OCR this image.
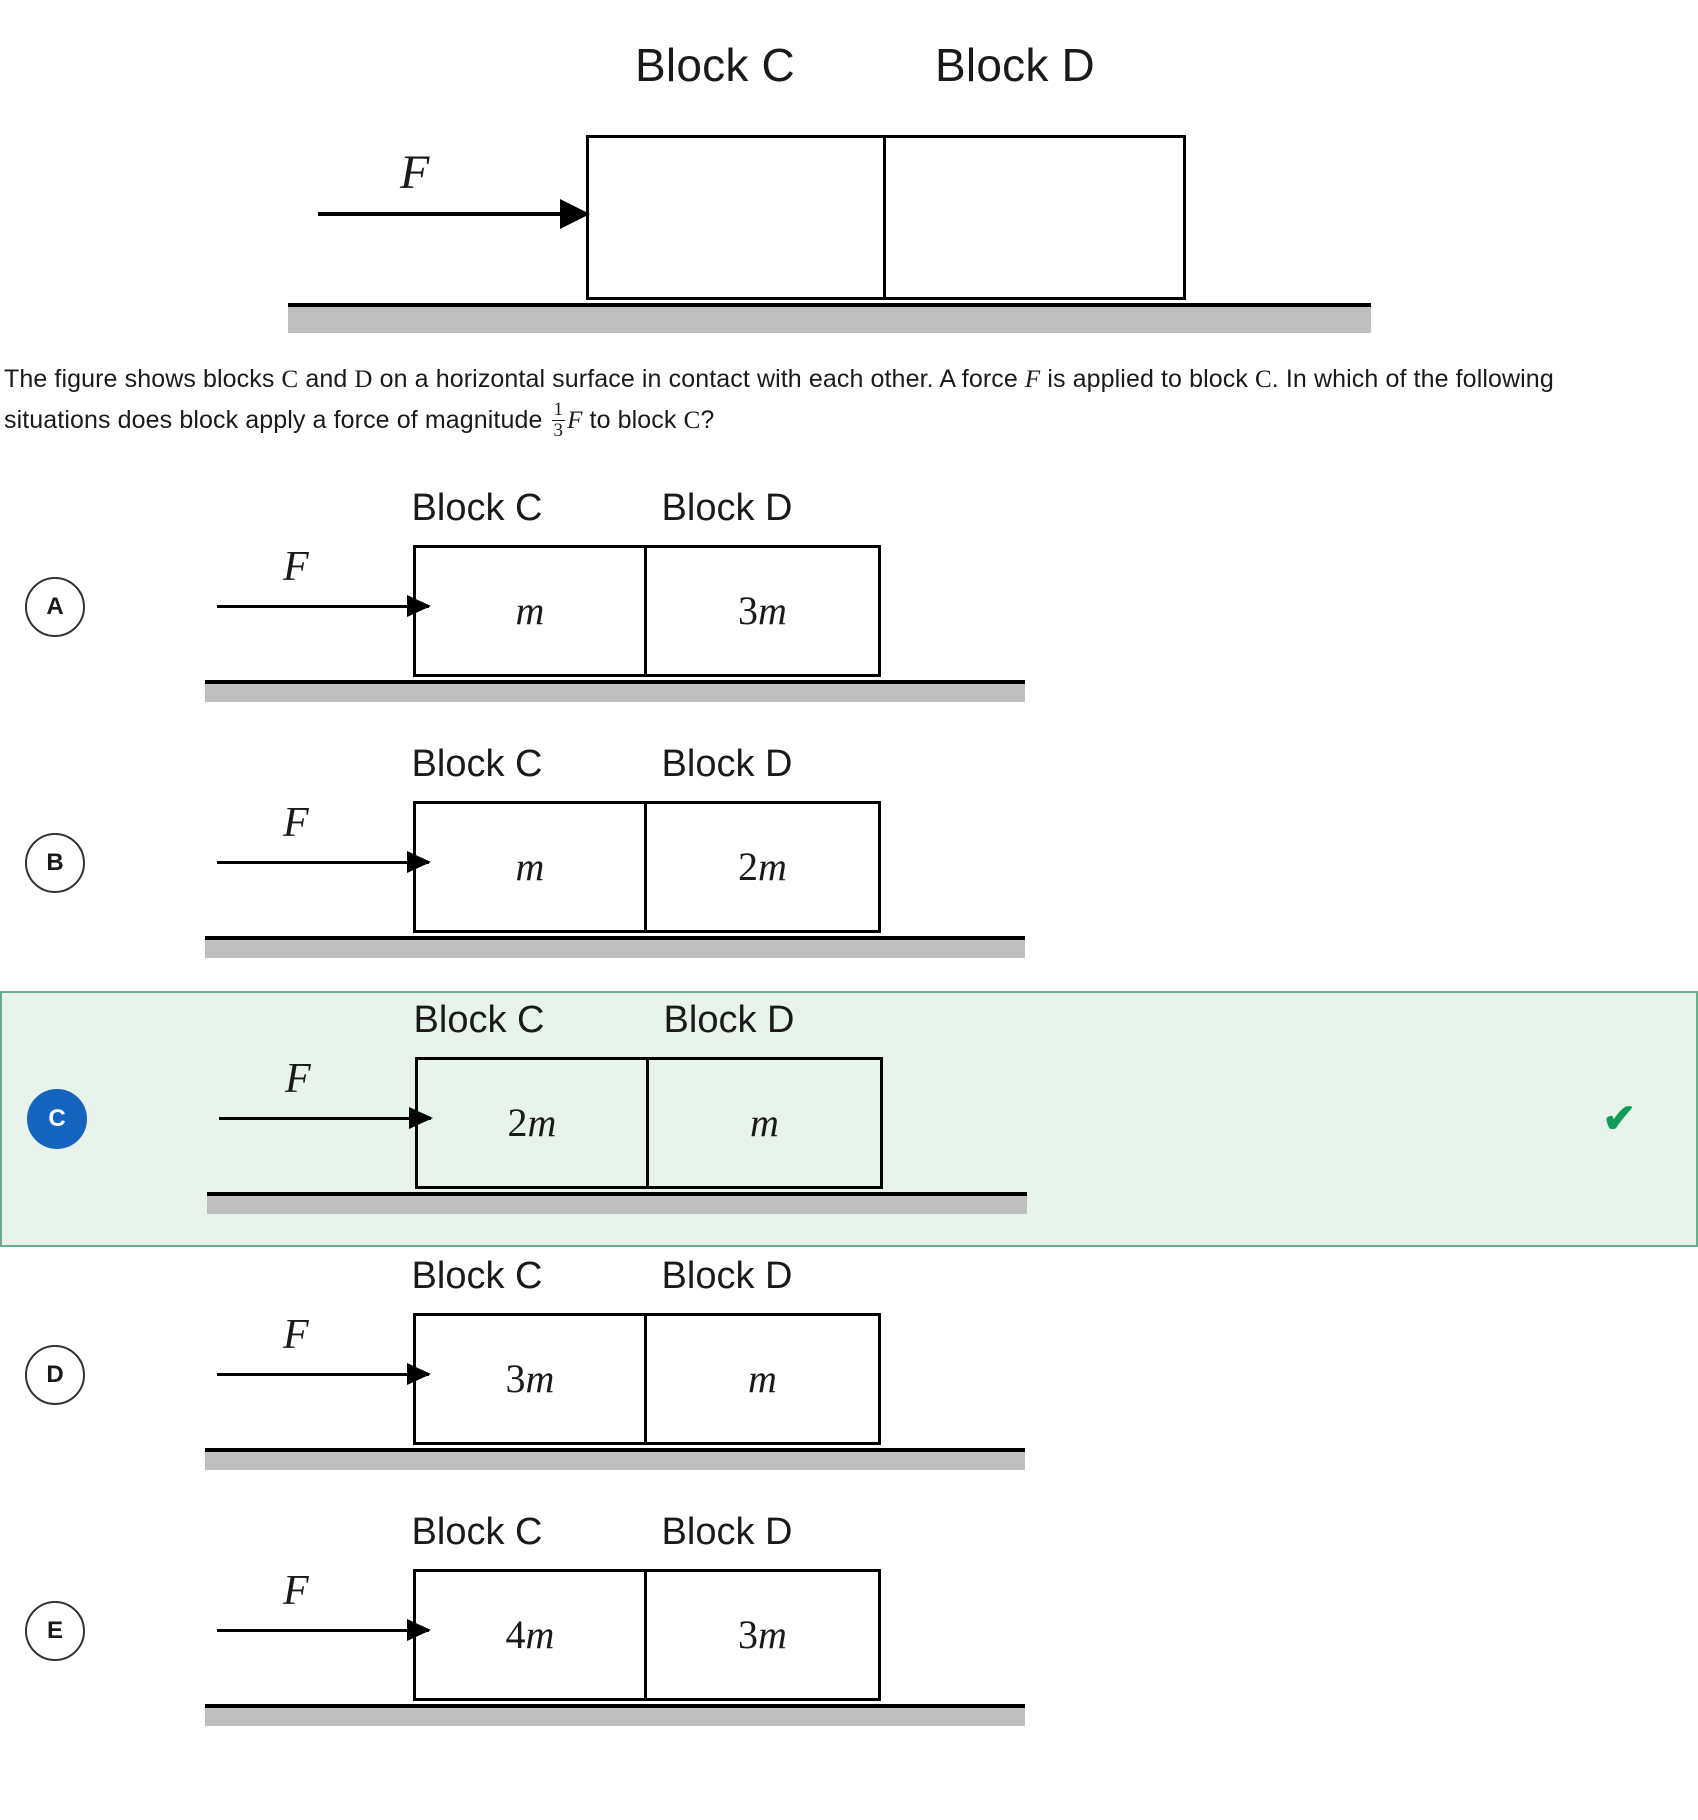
Block C	Block D
F
The figure shows blocks C and D on a horizontal surface in contact with each other. A force F is applied to block C. In which of the following situations does block apply a force of magnitude $\frac{1}{3}$ F to block C?
A
Block C	Block D
m	3m
F
B
Block C	Block D
m	2m
F
C
Block C	Block D
2m	m
F
✔
D
Block C	Block D
3m	m
F
E
Block C	Block D
4m	3m
F
